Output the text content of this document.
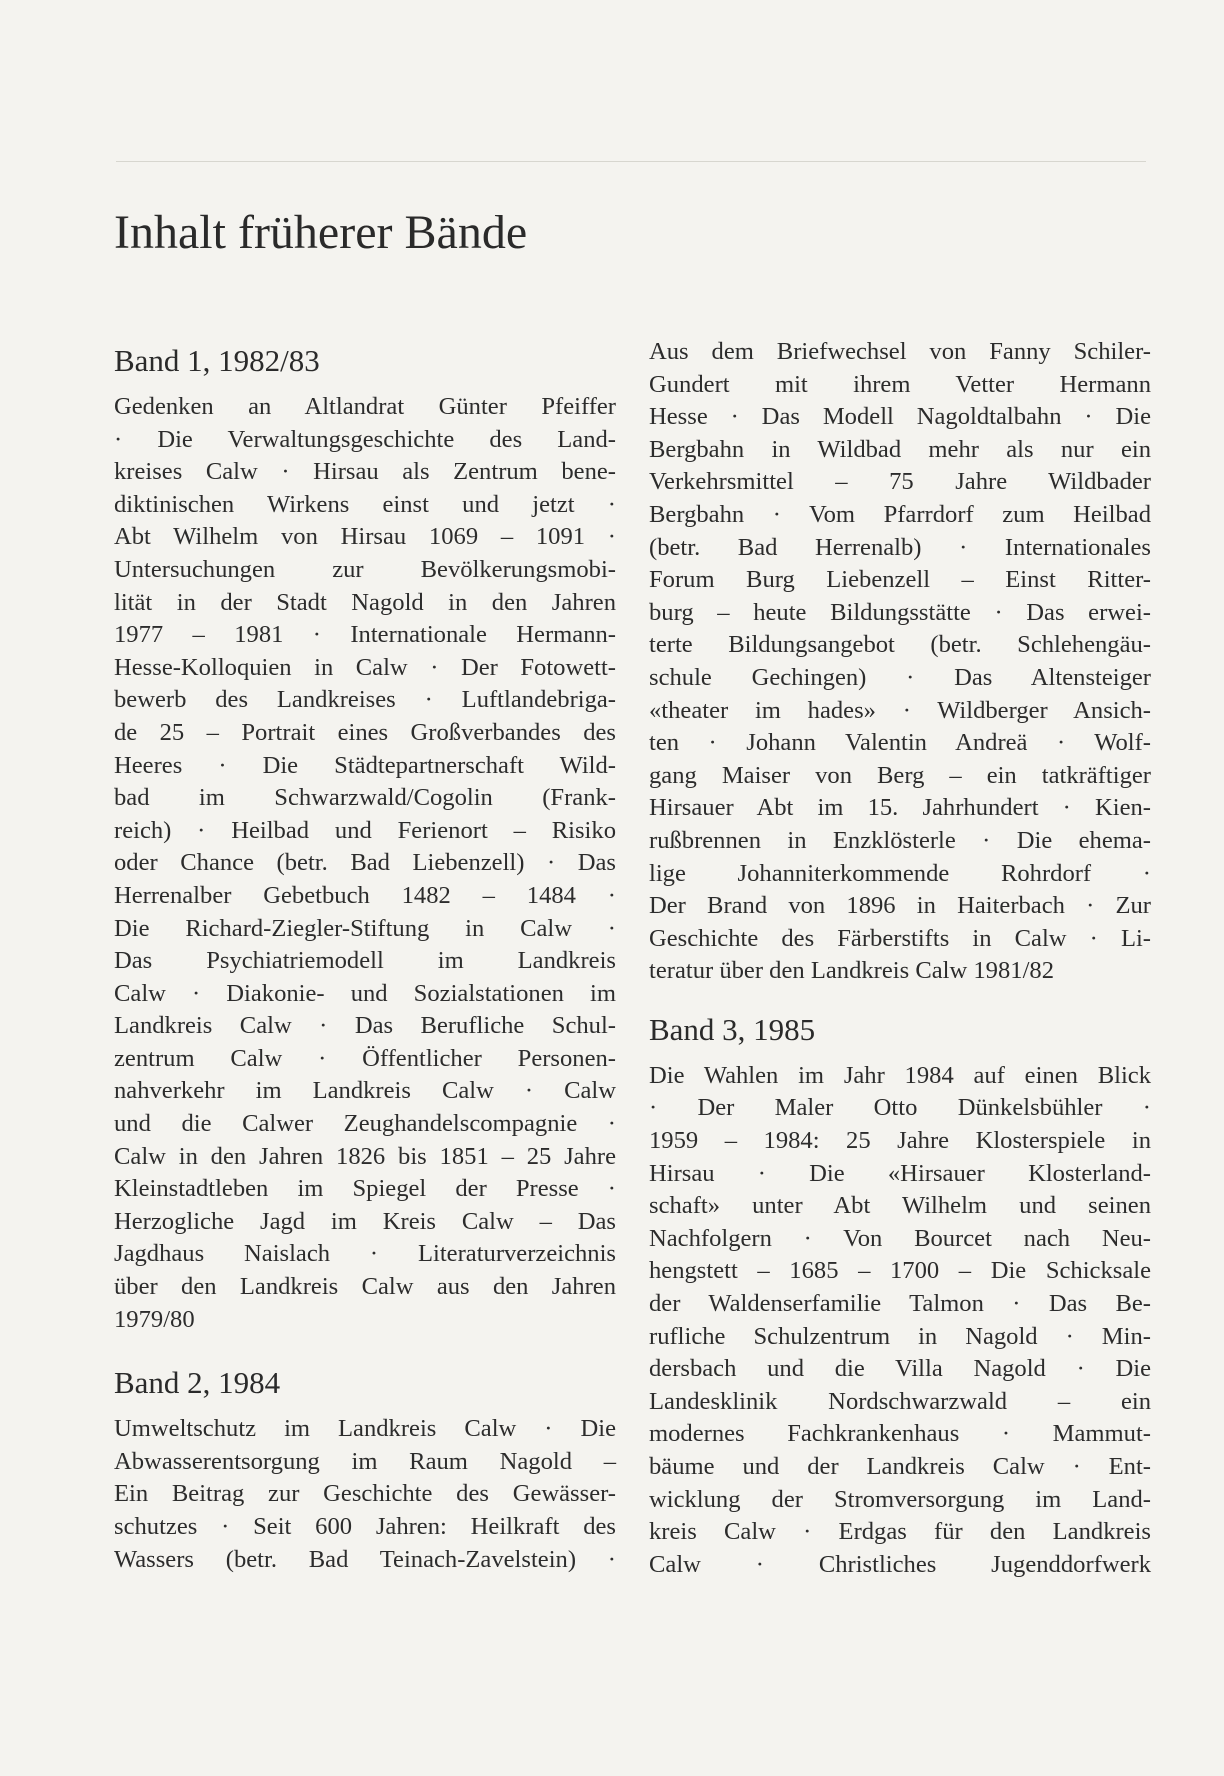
Inhalt früherer Bände
Band 1, 1982/83
Gedenken an Altlandrat Günter Pfeiffer
· Die Verwaltungsgeschichte des Land-
kreises Calw · Hirsau als Zentrum bene-
diktinischen Wirkens einst und jetzt ·
Abt Wilhelm von Hirsau 1069 – 1091 ·
Untersuchungen zur Bevölkerungsmobi-
lität in der Stadt Nagold in den Jahren
1977 – 1981 · Internationale Hermann-
Hesse-Kolloquien in Calw · Der Fotowett-
bewerb des Landkreises · Luftlandebriga-
de 25 – Portrait eines Großverbandes des
Heeres · Die Städtepartnerschaft Wild-
bad im Schwarzwald/Cogolin (Frank-
reich) · Heilbad und Ferienort – Risiko
oder Chance (betr. Bad Liebenzell) · Das
Herrenalber Gebetbuch 1482 – 1484 ·
Die Richard-Ziegler-Stiftung in Calw ·
Das Psychiatriemodell im Landkreis
Calw · Diakonie- und Sozialstationen im
Landkreis Calw · Das Berufliche Schul-
zentrum Calw · Öffentlicher Personen-
nahverkehr im Landkreis Calw · Calw
und die Calwer Zeughandelscompagnie ·
Calw in den Jahren 1826 bis 1851 – 25 Jahre
Kleinstadtleben im Spiegel der Presse ·
Herzogliche Jagd im Kreis Calw – Das
Jagdhaus Naislach · Literaturverzeichnis
über den Landkreis Calw aus den Jahren
1979/80
Band 2, 1984
Umweltschutz im Landkreis Calw · Die
Abwasserentsorgung im Raum Nagold –
Ein Beitrag zur Geschichte des Gewässer-
schutzes · Seit 600 Jahren: Heilkraft des
Wassers (betr. Bad Teinach-Zavelstein) ·
Aus dem Briefwechsel von Fanny Schiler-
Gundert mit ihrem Vetter Hermann
Hesse · Das Modell Nagoldtalbahn · Die
Bergbahn in Wildbad mehr als nur ein
Verkehrsmittel – 75 Jahre Wildbader
Bergbahn · Vom Pfarrdorf zum Heilbad
(betr. Bad Herrenalb) · Internationales
Forum Burg Liebenzell – Einst Ritter-
burg – heute Bildungsstätte · Das erwei-
terte Bildungsangebot (betr. Schlehengäu-
schule Gechingen) · Das Altensteiger
«theater im hades» · Wildberger Ansich-
ten · Johann Valentin Andreä · Wolf-
gang Maiser von Berg – ein tatkräftiger
Hirsauer Abt im 15. Jahrhundert · Kien-
rußbrennen in Enzklösterle · Die ehema-
lige Johanniterkommende Rohrdorf ·
Der Brand von 1896 in Haiterbach · Zur
Geschichte des Färberstifts in Calw · Li-
teratur über den Landkreis Calw 1981/82
Band 3, 1985
Die Wahlen im Jahr 1984 auf einen Blick
· Der Maler Otto Dünkelsbühler ·
1959 – 1984: 25 Jahre Klosterspiele in
Hirsau · Die «Hirsauer Klosterland-
schaft» unter Abt Wilhelm und seinen
Nachfolgern · Von Bourcet nach Neu-
hengstett – 1685 – 1700 – Die Schicksale
der Waldenserfamilie Talmon · Das Be-
rufliche Schulzentrum in Nagold · Min-
dersbach und die Villa Nagold · Die
Landesklinik Nordschwarzwald – ein
modernes Fachkrankenhaus · Mammut-
bäume und der Landkreis Calw · Ent-
wicklung der Stromversorgung im Land-
kreis Calw · Erdgas für den Landkreis
Calw · Christliches Jugenddorfwerk
